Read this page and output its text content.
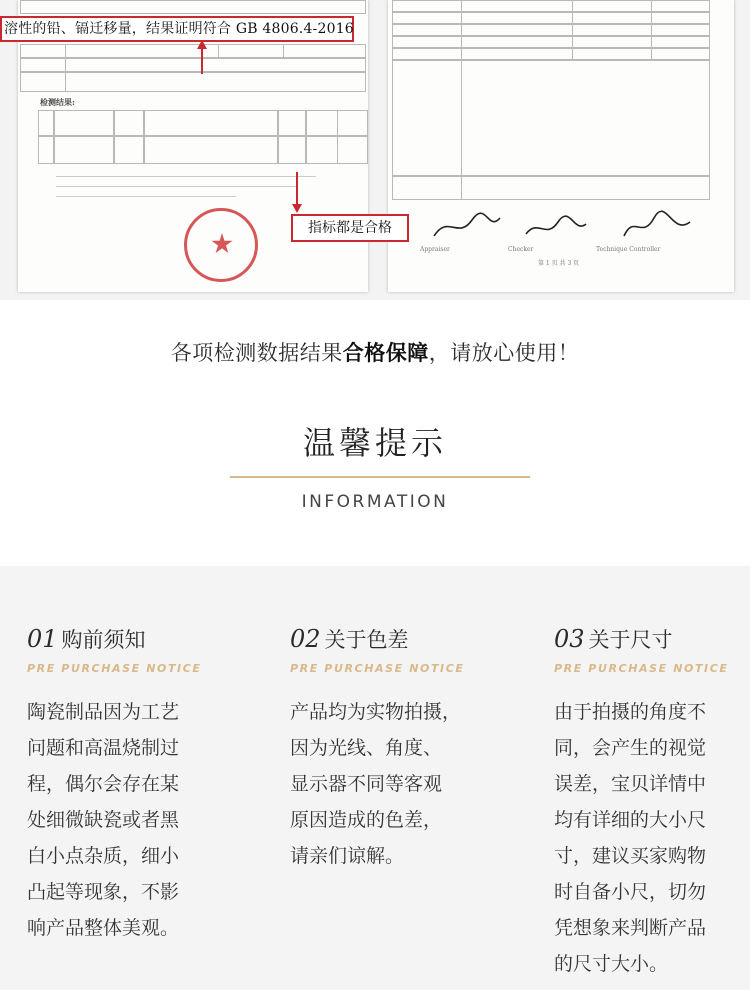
检测结果:
Appraiser	Checker	Technique Controller
第 1 页 共 3 页
溶性的铅、镉迁移量，结果证明符合 GB 4806.4-2016
指标都是合格
各项检测数据结果合格保障，请放心使用！
温馨提示
INFORMATION
01 购前须知
PRE PURCHASE NOTICE
陶瓷制品因为工艺
问题和高温烧制过
程，偶尔会存在某
处细微缺瓷或者黑
白小点杂质，细小
凸起等现象，不影
响产品整体美观。
02 关于色差
PRE PURCHASE NOTICE
产品均为实物拍摄，
因为光线、角度、
显示器不同等客观
原因造成的色差，
请亲们谅解。
03 关于尺寸
PRE PURCHASE NOTICE
由于拍摄的角度不
同，会产生的视觉
误差，宝贝详情中
均有详细的大小尺
寸，建议买家购物
时自备小尺，切勿
凭想象来判断产品
的尺寸大小。
